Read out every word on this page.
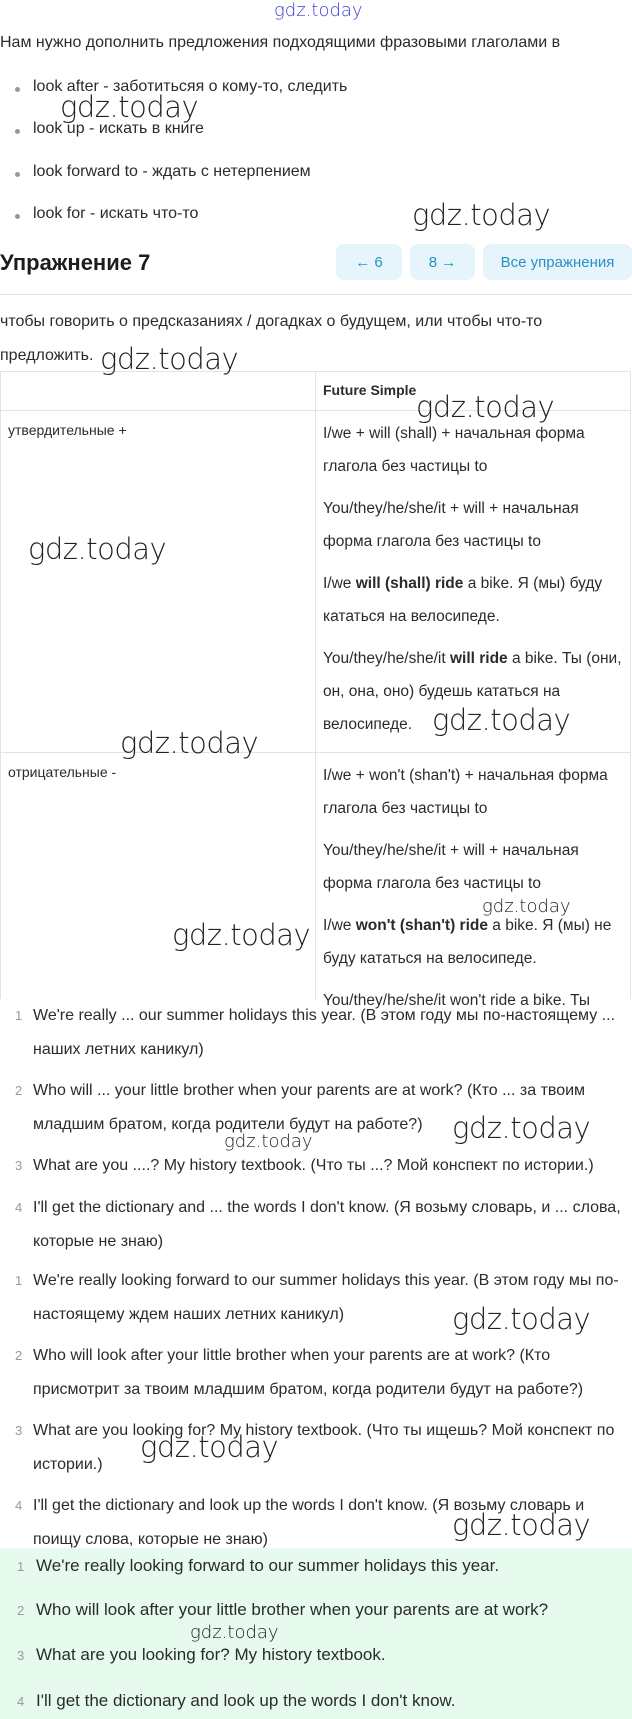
gdz.today
Нам нужно дополнить предложения подходящими фразовыми глаголами в
look after - заботитьсяя о кому-то, следить
look up - искать в книге
look forward to - ждать с нетерпением
look for - искать что-то
Упражнение 7	← 6	8 →	Все упражнения
чтобы говорить о предсказаниях / догадках о будущем, или чтобы что-то предложить.
Future Simple
утвердительные +	I/we + will (shall) + начальная форма глагола без частицы to

You/they/he/she/it + will + начальная форма глагола без частицы to

I/we will (shall) ride a bike. Я (мы) буду кататься на велосипеде.

You/they/he/she/it will ride a bike. Ты (они, он, она, оно) будешь кататься на велосипеде.

отрицательные -	I/we + won't (shan't) + начальная форма глагола без частицы to

You/they/he/she/it + will + начальная форма глагола без частицы to

I/we won't (shan't) ride a bike. Я (мы) не буду кататься на велосипеде.

You/they/he/she/it won't ride a bike. Ты

1 We're really ... our summer holidays this year. (В этом году мы по-настоящему ... наших летних каникул)
2 Who will ... your little brother when your parents are at work? (Кто ... за твоим младшим братом, когда родители будут на работе?)
3 What are you ....? My history textbook. (Что ты ...? Мой конспект по истории.)
4 I'll get the dictionary and ... the words I don't know. (Я возьму словарь, и ... слова, которые не знаю)
1 We're really looking forward to our summer holidays this year. (В этом году мы по-настоящему ждем наших летних каникул)
2 Who will look after your little brother when your parents are at work? (Кто присмотрит за твоим младшим братом, когда родители будут на работе?)
3 What are you looking for? My history textbook. (Что ты ищешь? Мой конспект по истории.)
4 I'll get the dictionary and look up the words I don't know. (Я возьму словарь и поищу слова, которые не знаю)
1 We're really looking forward to our summer holidays this year.
2 Who will look after your little brother when your parents are at work?
3 What are you looking for? My history textbook.
4 I'll get the dictionary and look up the words I don't know.
gdz.today
gdz.today
gdz.today
gdz.today
gdz.today
gdz.today
gdz.today
gdz.today
gdz.today
gdz.today	gdz.today
gdz.today
gdz.today
gdz.today
gdz.today
